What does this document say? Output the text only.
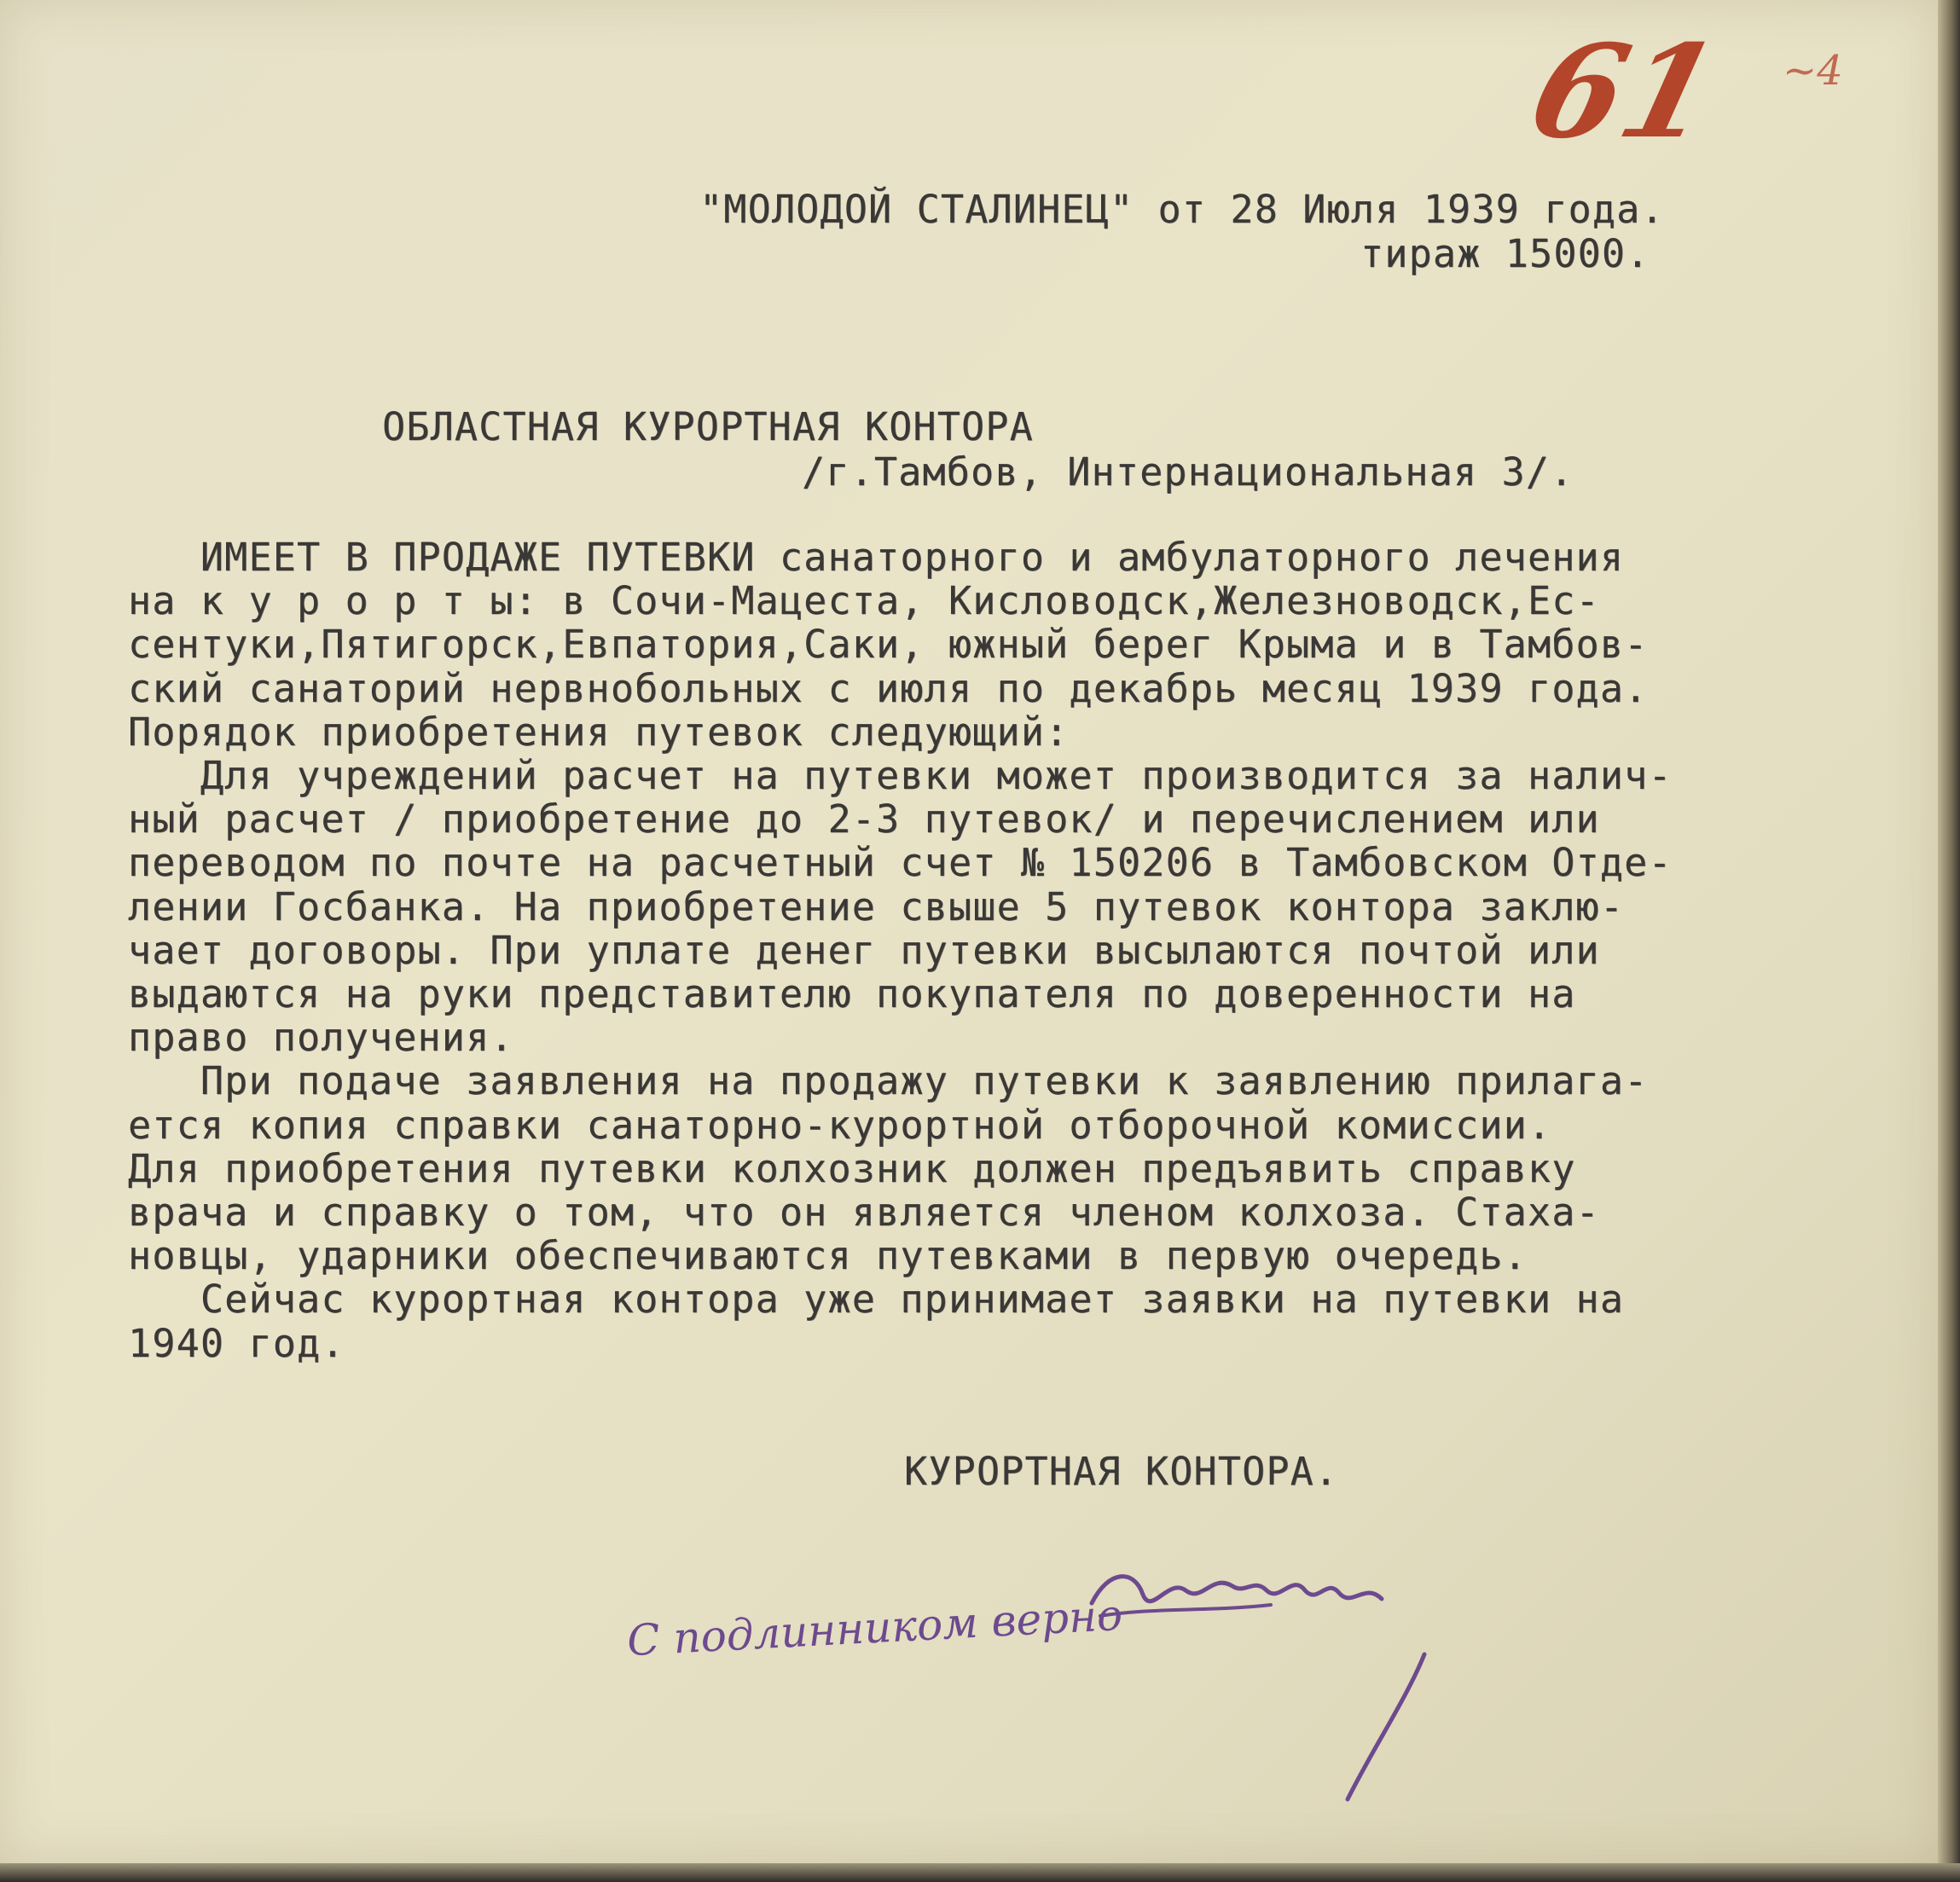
61 ~4
"МОЛОДОЙ СТАЛИНЕЦ" от 28 Июля 1939 года.
тираж 15000.
ОБЛАСТНАЯ КУРОРТНАЯ КОНТОРА
/г.Тамбов, Интернациональная 3/.
ИМЕЕТ В ПРОДАЖЕ ПУТЕВКИ санаторного и амбулаторного лечения
на к у р о р т ы: в Сочи-Мацеста, Кисловодск,Железноводск,Ес-
сентуки,Пятигорск,Евпатория,Саки, южный берег Крыма и в Тамбов-
ский санаторий нервнобольных с июля по декабрь месяц 1939 года.
Порядок приобретения путевок следующий:
Для учреждений расчет на путевки может производится за налич-
ный расчет / приобретение до 2-3 путевок/ и перечислением или
переводом по почте на расчетный счет № 150206 в Тамбовском Отде-
лении Госбанка. На приобретение свыше 5 путевок контора заклю-
чает договоры. При уплате денег путевки высылаются почтой или
выдаются на руки представителю покупателя по доверенности на
право получения.
При подаче заявления на продажу путевки к заявлению прилага-
ется копия справки санаторно-курортной отборочной комиссии.
Для приобретения путевки колхозник должен предъявить справку
врача и справку о том, что он является членом колхоза. Стаха-
новцы, ударники обеспечиваются путевками в первую очередь.
Сейчас курортная контора уже принимает заявки на путевки на
1940 год.
КУРОРТНАЯ КОНТОРА.
С подлинником верно
